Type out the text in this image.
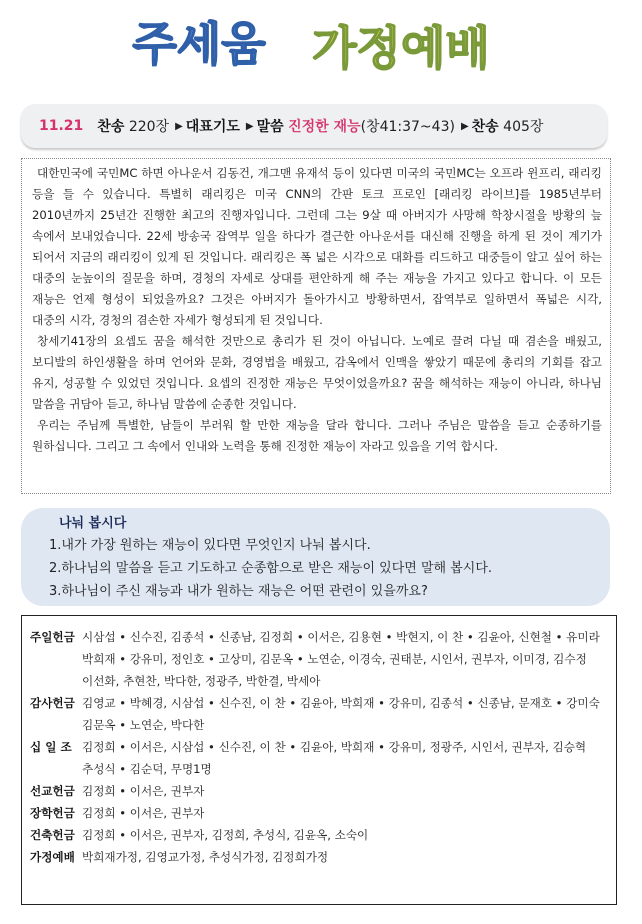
주세움 가정예배
11.21 찬송
220장 ▶ 대표기도 ▶ 말씀
진정한 재능 (창41:37~43) ▶ 찬송
405장

대한민국에 국민MC 하면 아나운서 김동건, 개그맨 유재석 등이 있다면 미국의 국민MC는 오프라 윈프리, 래리킹 등을 들 수 있습니다. 특별히 래리킹은 미국 CNN의 간판 토크 프로인 [래리킹 라이브]를 1985년부터 2010년까지 25년간 진행한 최고의 진행자입니다. 그런데 그는 9살 때 아버지가 사망해 학창시절을 방황의 늪 속에서 보내었습니다. 22세 방송국 잡역부 일을 하다가 결근한 아나운서를 대신해 진행을 하게 된 것이 계기가 되어서 지금의 래리킹이 있게 된 것입니다. 래리킹은 폭 넓은 시각으로 대화를 리드하고 대중들이 알고 싶어 하는 대중의 눈높이의 질문을 하며, 경청의 자세로 상대를 편안하게 해 주는 재능을 가지고 있다고 합니다. 이 모든 재능은 언제 형성이 되었을까요? 그것은 아버지가 돌아가시고 방황하면서, 잡역부로 일하면서 폭넓은 시각, 대중의 시각, 경청의 겸손한 자세가 형성되게 된 것입니다.

창세기41장의 요셉도 꿈을 해석한 것만으로 총리가 된 것이 아닙니다. 노예로 끌려 다닐 때 겸손을 배웠고, 보디발의 하인생활을 하며 언어와 문화, 경영법을 배웠고, 감옥에서 인맥을 쌓았기 때문에 총리의 기회를 잡고 유지, 성공할 수 있었던 것입니다. 요셉의 진정한 재능은 무엇이었을까요? 꿈을 해석하는 재능이 아니라, 하나님 말씀을 귀담아 듣고, 하나님 말씀에 순종한 것입니다.

우리는 주님께 특별한, 남들이 부러워 할 만한 재능을 달라 합니다. 그러나 주님은 말씀을 듣고 순종하기를 원하십니다. 그리고 그 속에서 인내와 노력을 통해 진정한 재능이 자라고 있음을 기억 합시다.

나눠 봅시다
1.내가 가장 원하는 재능이 있다면 무엇인지 나눠 봅시다.
2.하나님의 말씀을 듣고 기도하고 순종함으로 받은 재능이 있다면 말해 봅시다.
3.하나님이 주신 재능과 내가 원하는 재능은 어떤 관련이 있을까요?
주일헌금 시삼섭 • 신수진, 김종석 • 신종남, 김정희 • 이서은, 김용현 • 박현지, 이 찬 • 김윤아, 신현철 • 유미라 박희재 • 강유미, 정인호 • 고상미, 김문옥 • 노연순, 이경숙, 권태분, 시인서, 권부자, 이미경, 김수정 이선화, 추현찬, 박다한, 정광주, 박한결, 박세아
감사헌금 김영교 • 박혜경, 시삼섭 • 신수진, 이 찬 • 김윤아, 박희재 • 강유미, 김종석 • 신종남, 문재호 • 강미숙 김문옥 • 노연순, 박다한
십 일 조 김정희 • 이서은, 시삼섭 • 신수진, 이 찬 • 김윤아, 박희재 • 강유미, 정광주, 시인서, 권부자, 김승혁 추성식 • 김순덕, 무명1명
선교헌금 김정희 • 이서은, 권부자
장학헌금 김정희 • 이서은, 권부자
건축헌금 김정희 • 이서은, 권부자, 김정희, 추성식, 김윤옥, 소숙이
가정예배 박희재가정, 김영교가정, 추성식가정, 김정희가정
